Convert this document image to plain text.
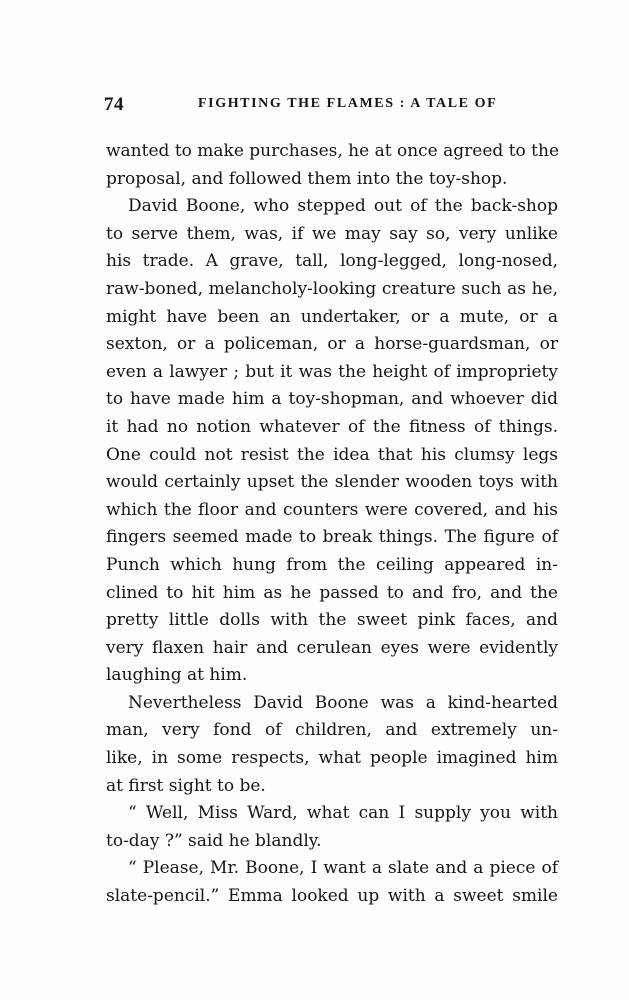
74	FIGHTING THE FLAMES : A TALE OF
wanted to make purchases, he at once agreed to the
proposal, and followed them into the toy-shop.
David Boone, who stepped out of the back-shop
to serve them, was, if we may say so, very unlike
his trade. A grave, tall, long-legged, long-nosed,
raw-boned, melancholy-looking creature such as he,
might have been an undertaker, or a mute, or a
sexton, or a policeman, or a horse-guardsman, or
even a lawyer ; but it was the height of impropriety
to have made him a toy-shopman, and whoever did
it had no notion whatever of the fitness of things.
One could not resist the idea that his clumsy legs
would certainly upset the slender wooden toys with
which the floor and counters were covered, and his
fingers seemed made to break things. The figure of
Punch which hung from the ceiling appeared in-
clined to hit him as he passed to and fro, and the
pretty little dolls with the sweet pink faces, and
very flaxen hair and cerulean eyes were evidently
laughing at him.
Nevertheless David Boone was a kind-hearted
man, very fond of children, and extremely un-
like, in some respects, what people imagined him
at first sight to be.
“ Well, Miss Ward, what can I supply you with
to-day ?” said he blandly.
“ Please, Mr. Boone, I want a slate and a piece of
slate-pencil.” Emma looked up with a sweet smile
